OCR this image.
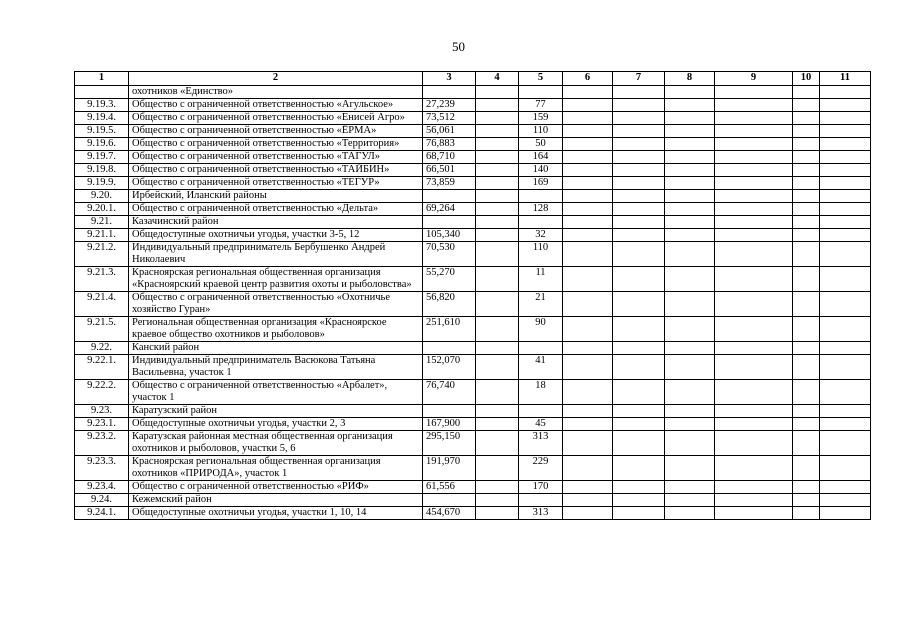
50
1	2	3	4	5	6	7	8	9	10	11
	охотников «Единство»									
9.19.3.	Общество с ограниченной ответственностью «Агульское»	27,239		77						
9.19.4.	Общество с ограниченной ответственностью «Енисей Агро»	73,512		159						
9.19.5.	Общество с ограниченной ответственностью «ЁРМА»	56,061		110						
9.19.6.	Общество с ограниченной ответственностью «Территория»	76,883		50						
9.19.7.	Общество с ограниченной ответственностью «ТАГУЛ»	68,710		164						
9.19.8.	Общество с ограниченной ответственностью «ТАЙБИН»	66,501		140						
9.19.9.	Общество с ограниченной ответственностью «ТЕГУР»	73,859		169						
9.20.	Ирбейский, Иланский районы									
9.20.1.	Общество с ограниченной ответственностью «Дельта»	69,264		128						
9.21.	Казачинский район									
9.21.1.	Общедоступные охотничьи угодья, участки 3-5, 12	105,340		32						
9.21.2.	Индивидуальный предприниматель Бербушенко Андрей Николаевич	70,530		110						
9.21.3.	Красноярская региональная общественная организация «Красноярский краевой центр развития охоты и рыболовства»	55,270		11						
9.21.4.	Общество с ограниченной ответственностью «Охотничье хозяйство Гуран»	56,820		21						
9.21.5.	Региональная общественная организация «Красноярское краевое общество охотников и рыболовов»	251,610		90						
9.22.	Канский район									
9.22.1.	Индивидуальный предприниматель Васюкова Татьяна Васильевна, участок 1	152,070		41						
9.22.2.	Общество с ограниченной ответственностью «Арбалет», участок 1	76,740		18						
9.23.	Каратузский район									
9.23.1.	Общедоступные охотничьи угодья, участки 2, 3	167,900		45						
9.23.2.	Каратузская районная местная общественная организация охотников и рыболовов, участки 5, 6	295,150		313						
9.23.3.	Красноярская региональная общественная организация охотников «ПРИРОДА», участок 1	191,970		229						
9.23.4.	Общество с ограниченной ответственностью «РИФ»	61,556		170						
9.24.	Кежемский район									
9.24.1.	Общедоступные охотничьи угодья, участки 1, 10, 14	454,670		313						
